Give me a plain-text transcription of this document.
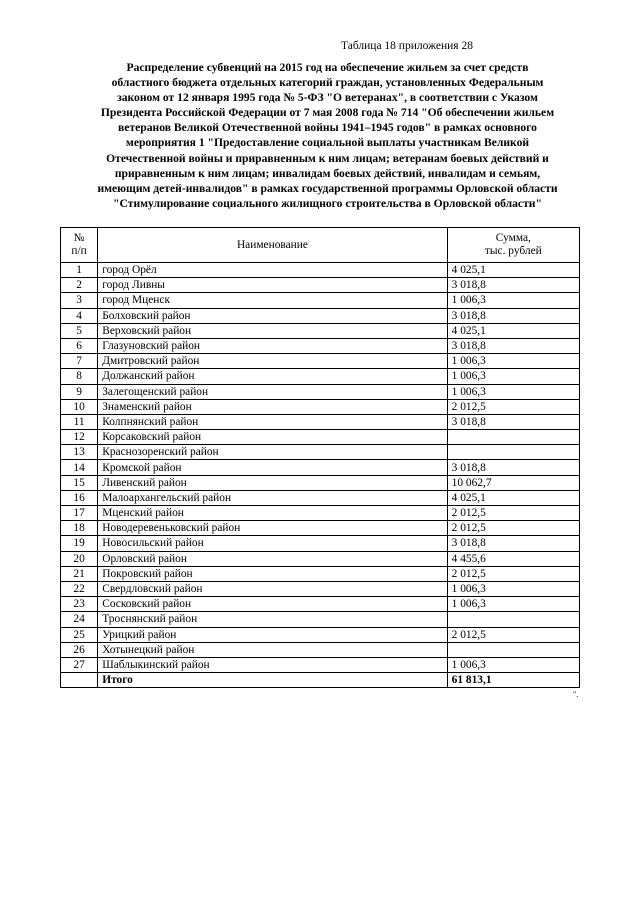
Таблица 18 приложения 28
Распределение субвенций на 2015 год на обеспечение жильем за счет средств
областного бюджета отдельных категорий граждан, установленных Федеральным
законом от 12 января 1995 года № 5-ФЗ "О ветеранах", в соответствии с Указом
Президента Российской Федерации от 7 мая 2008 года № 714 "Об обеспечении жильем
ветеранов Великой Отечественной войны 1941–1945 годов" в рамках основного
мероприятия 1 "Предоставление социальной выплаты участникам Великой
Отечественной войны и приравненным к ним лицам; ветеранам боевых действий и
приравненным к ним лицам; инвалидам боевых действий, инвалидам и семьям,
имеющим детей-инвалидов" в рамках государственной программы Орловской области
"Стимулирование социального жилищного строительства в Орловской области"
№
п/п	Наименование	Сумма,
тыс. рублей
1	город Орёл	4 025,1
2	город Ливны	3 018,8
3	город Мценск	1 006,3
4	Болховский район	3 018,8
5	Верховский район	4 025,1
6	Глазуновский район	3 018,8
7	Дмитровский район	1 006,3
8	Должанский район	1 006,3
9	Залегощенский район	1 006,3
10	Знаменский район	2 012,5
11	Колпнянский район	3 018,8
12	Корсаковский район	
13	Краснозоренский район	
14	Кромской район	3 018,8
15	Ливенский район	10 062,7
16	Малоархангельский район	4 025,1
17	Мценский район	2 012,5
18	Новодеревеньковский район	2 012,5
19	Новосильский район	3 018,8
20	Орловский район	4 455,6
21	Покровский район	2 012,5
22	Свердловский район	1 006,3
23	Сосковский район	1 006,3
24	Троснянский район	
25	Урицкий район	2 012,5
26	Хотынецкий район	
27	Шаблыкинский район	1 006,3
	Итого	61 813,1
".
